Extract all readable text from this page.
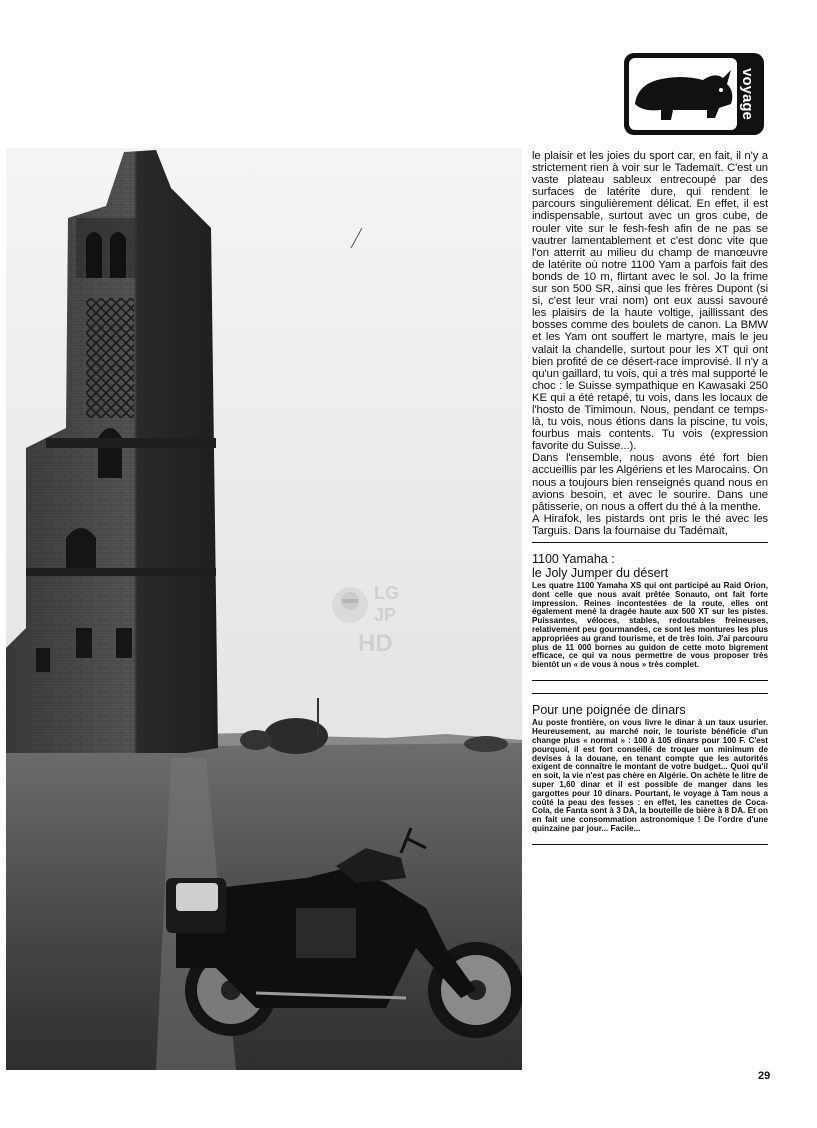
LG
JP
HD
voyage

le plaisir et les joies du sport car, en fait, il n'y a strictement rien à voir sur le Tademaït. C'est un vaste plateau sableux entrecoupé par des surfaces de latérite dure, qui rendent le parcours singulièrement délicat. En effet, il est indispensable, surtout avec un gros cube, de rouler vite sur le fesh-fesh afin de ne pas se vautrer lamentablement et c'est donc vite que l'on atterrit au milieu du champ de manœuvre de latérite où notre 1100 Yam a parfois fait des bonds de 10 m, flirtant avec le sol. Jo la frime sur son 500 SR, ainsi que les frères Dupont (si si, c'est leur vrai nom) ont eux aussi savouré les plaisirs de la haute voltige, jaillissant des bosses comme des boulets de canon. La BMW et les Yam ont souffert le martyre, mais le jeu valait la chandelle, surtout pour les XT qui ont bien profité de ce désert-race improvisé. Il n'y a qu'un gaillard, tu vois, qui a très mal supporté le choc : le Suisse sympathique en Kawasaki 250 KE qui a été retapé, tu vois, dans les locaux de l'hosto de Timimoun. Nous, pendant ce temps-là, tu vois, nous étions dans la piscine, tu vois, fourbus mais contents. Tu vois (expression favorite du Suisse...).

Dans l'ensemble, nous avons été fort bien accueillis par les Algériens et les Marocains. On nous a toujours bien renseignés quand nous en avions besoin, et avec le sourire. Dans une pâtisserie, on nous a offert du thé à la menthe.

A Hirafok, les pistards ont pris le thé avec les Targuis. Dans la fournaise du Tadémaït,

1100 Yamaha :
le Joly Jumper du désert

Les quatre 1100 Yamaha XS qui ont participé au Raid Orion, dont celle que nous avait prêtée Sonauto, ont fait forte impression. Reines incontestées de la route, elles ont également mené la dragée haute aux 500 XT sur les pistes. Puissantes, véloces, stables, redoutables freineuses, relativement peu gourmandes, ce sont les montures les plus appropriées au grand tourisme, et de très loin. J'ai parcouru plus de 11 000 bornes au guidon de cette moto bigrement efficace, ce qui va nous permettre de vous proposer très bientôt un « de vous à nous » très complet.

Pour une poignée de dinars

Au poste frontière, on vous livre le dinar à un taux usurier. Heureusement, au marché noir, le touriste bénéficie d'un change plus « normal » : 100 à 105 dinars pour 100 F. C'est pourquoi, il est fort conseillé de troquer un minimum de devises à la douane, en tenant compte que les autorités exigent de connaître le montant de votre budget... Quoi qu'il en soit, la vie n'est pas chère en Algérie. On achète le litre de super 1,60 dinar et il est possible de manger dans les gargottes pour 10 dinars. Pourtant, le voyage à Tam nous a coûté la peau des fesses : en effet, les canettes de Coca-Cola, de Fanta sont à 3 DA, la bouteille de bière à 8 DA. Et on en fait une consommation astronomique ! De l'ordre d'une quinzaine par jour... Facile...

29
